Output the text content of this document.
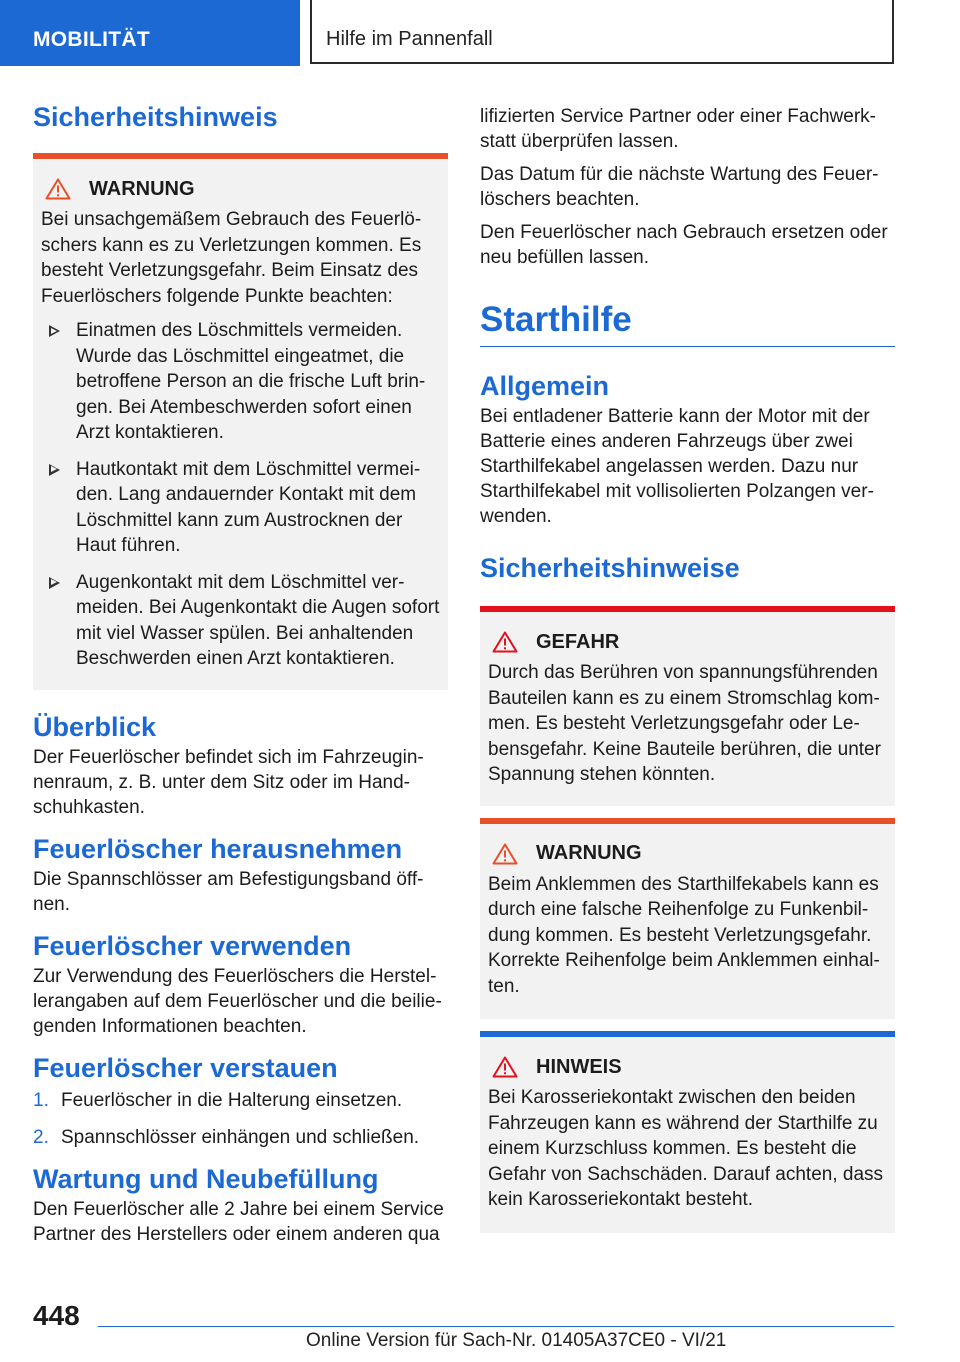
MOBILITÄT	Hilfe im Pannenfall
Sicherheitshinweis
WARNUNG

Bei unsachgemäßem Gebrauch des Feuerlöschers kann es zu Verletzungen kommen. Es besteht Verletzungsgefahr. Beim Einsatz des Feuerlöschers folgende Punkte beachten:

Einatmen des Löschmittels vermeiden. Wurde das Löschmittel eingeatmet, die betroffene Person an die frische Luft bringen. Bei Atembeschwerden sofort einen Arzt kontaktieren.
Hautkontakt mit dem Löschmittel vermeiden. Lang andauernder Kontakt mit dem Löschmittel kann zum Austrocknen der Haut führen.
Augenkontakt mit dem Löschmittel vermeiden. Bei Augenkontakt die Augen sofort mit viel Wasser spülen. Bei anhaltenden Beschwerden einen Arzt kontaktieren.
Überblick

Der Feuerlöscher befindet sich im Fahrzeuginnenraum, z. B. unter dem Sitz oder im Handschuhkasten.

Feuerlöscher herausnehmen

Die Spannschlösser am Befestigungsband öffnen.

Feuerlöscher verwenden

Zur Verwendung des Feuerlöschers die Herstellerangaben auf dem Feuerlöscher und die beiliegenden Informationen beachten.

Feuerlöscher verstauen
1. Feuerlöscher in die Halterung einsetzen.
2. Spannschlösser einhängen und schließen.
Wartung und Neubefüllung

Den Feuerlöscher alle 2 Jahre bei einem Service Partner des Herstellers oder einem anderen qua

lifizierten Service Partner oder einer Fachwerkstatt überprüfen lassen.

Das Datum für die nächste Wartung des Feuerlöschers beachten.

Den Feuerlöscher nach Gebrauch ersetzen oder neu befüllen lassen.

Starthilfe
Allgemein

Bei entladener Batterie kann der Motor mit der Batterie eines anderen Fahrzeugs über zwei Starthilfekabel angelassen werden. Dazu nur Starthilfekabel mit vollisolierten Polzangen verwenden.

Sicherheitshinweise
GEFAHR

Durch das Berühren von spannungsführenden Bauteilen kann es zu einem Stromschlag kommen. Es besteht Verletzungsgefahr oder Lebensgefahr. Keine Bauteile berühren, die unter Spannung stehen könnten.

WARNUNG

Beim Anklemmen des Starthilfekabels kann es durch eine falsche Reihenfolge zu Funkenbildung kommen. Es besteht Verletzungsgefahr. Korrekte Reihenfolge beim Anklemmen einhalten.

HINWEIS

Bei Karosseriekontakt zwischen den beiden Fahrzeugen kann es während der Starthilfe zu einem Kurzschluss kommen. Es besteht die Gefahr von Sachschäden. Darauf achten, dass kein Karosseriekontakt besteht.

448
Online Version für Sach-Nr. 01405A37CE0 - VI/21
